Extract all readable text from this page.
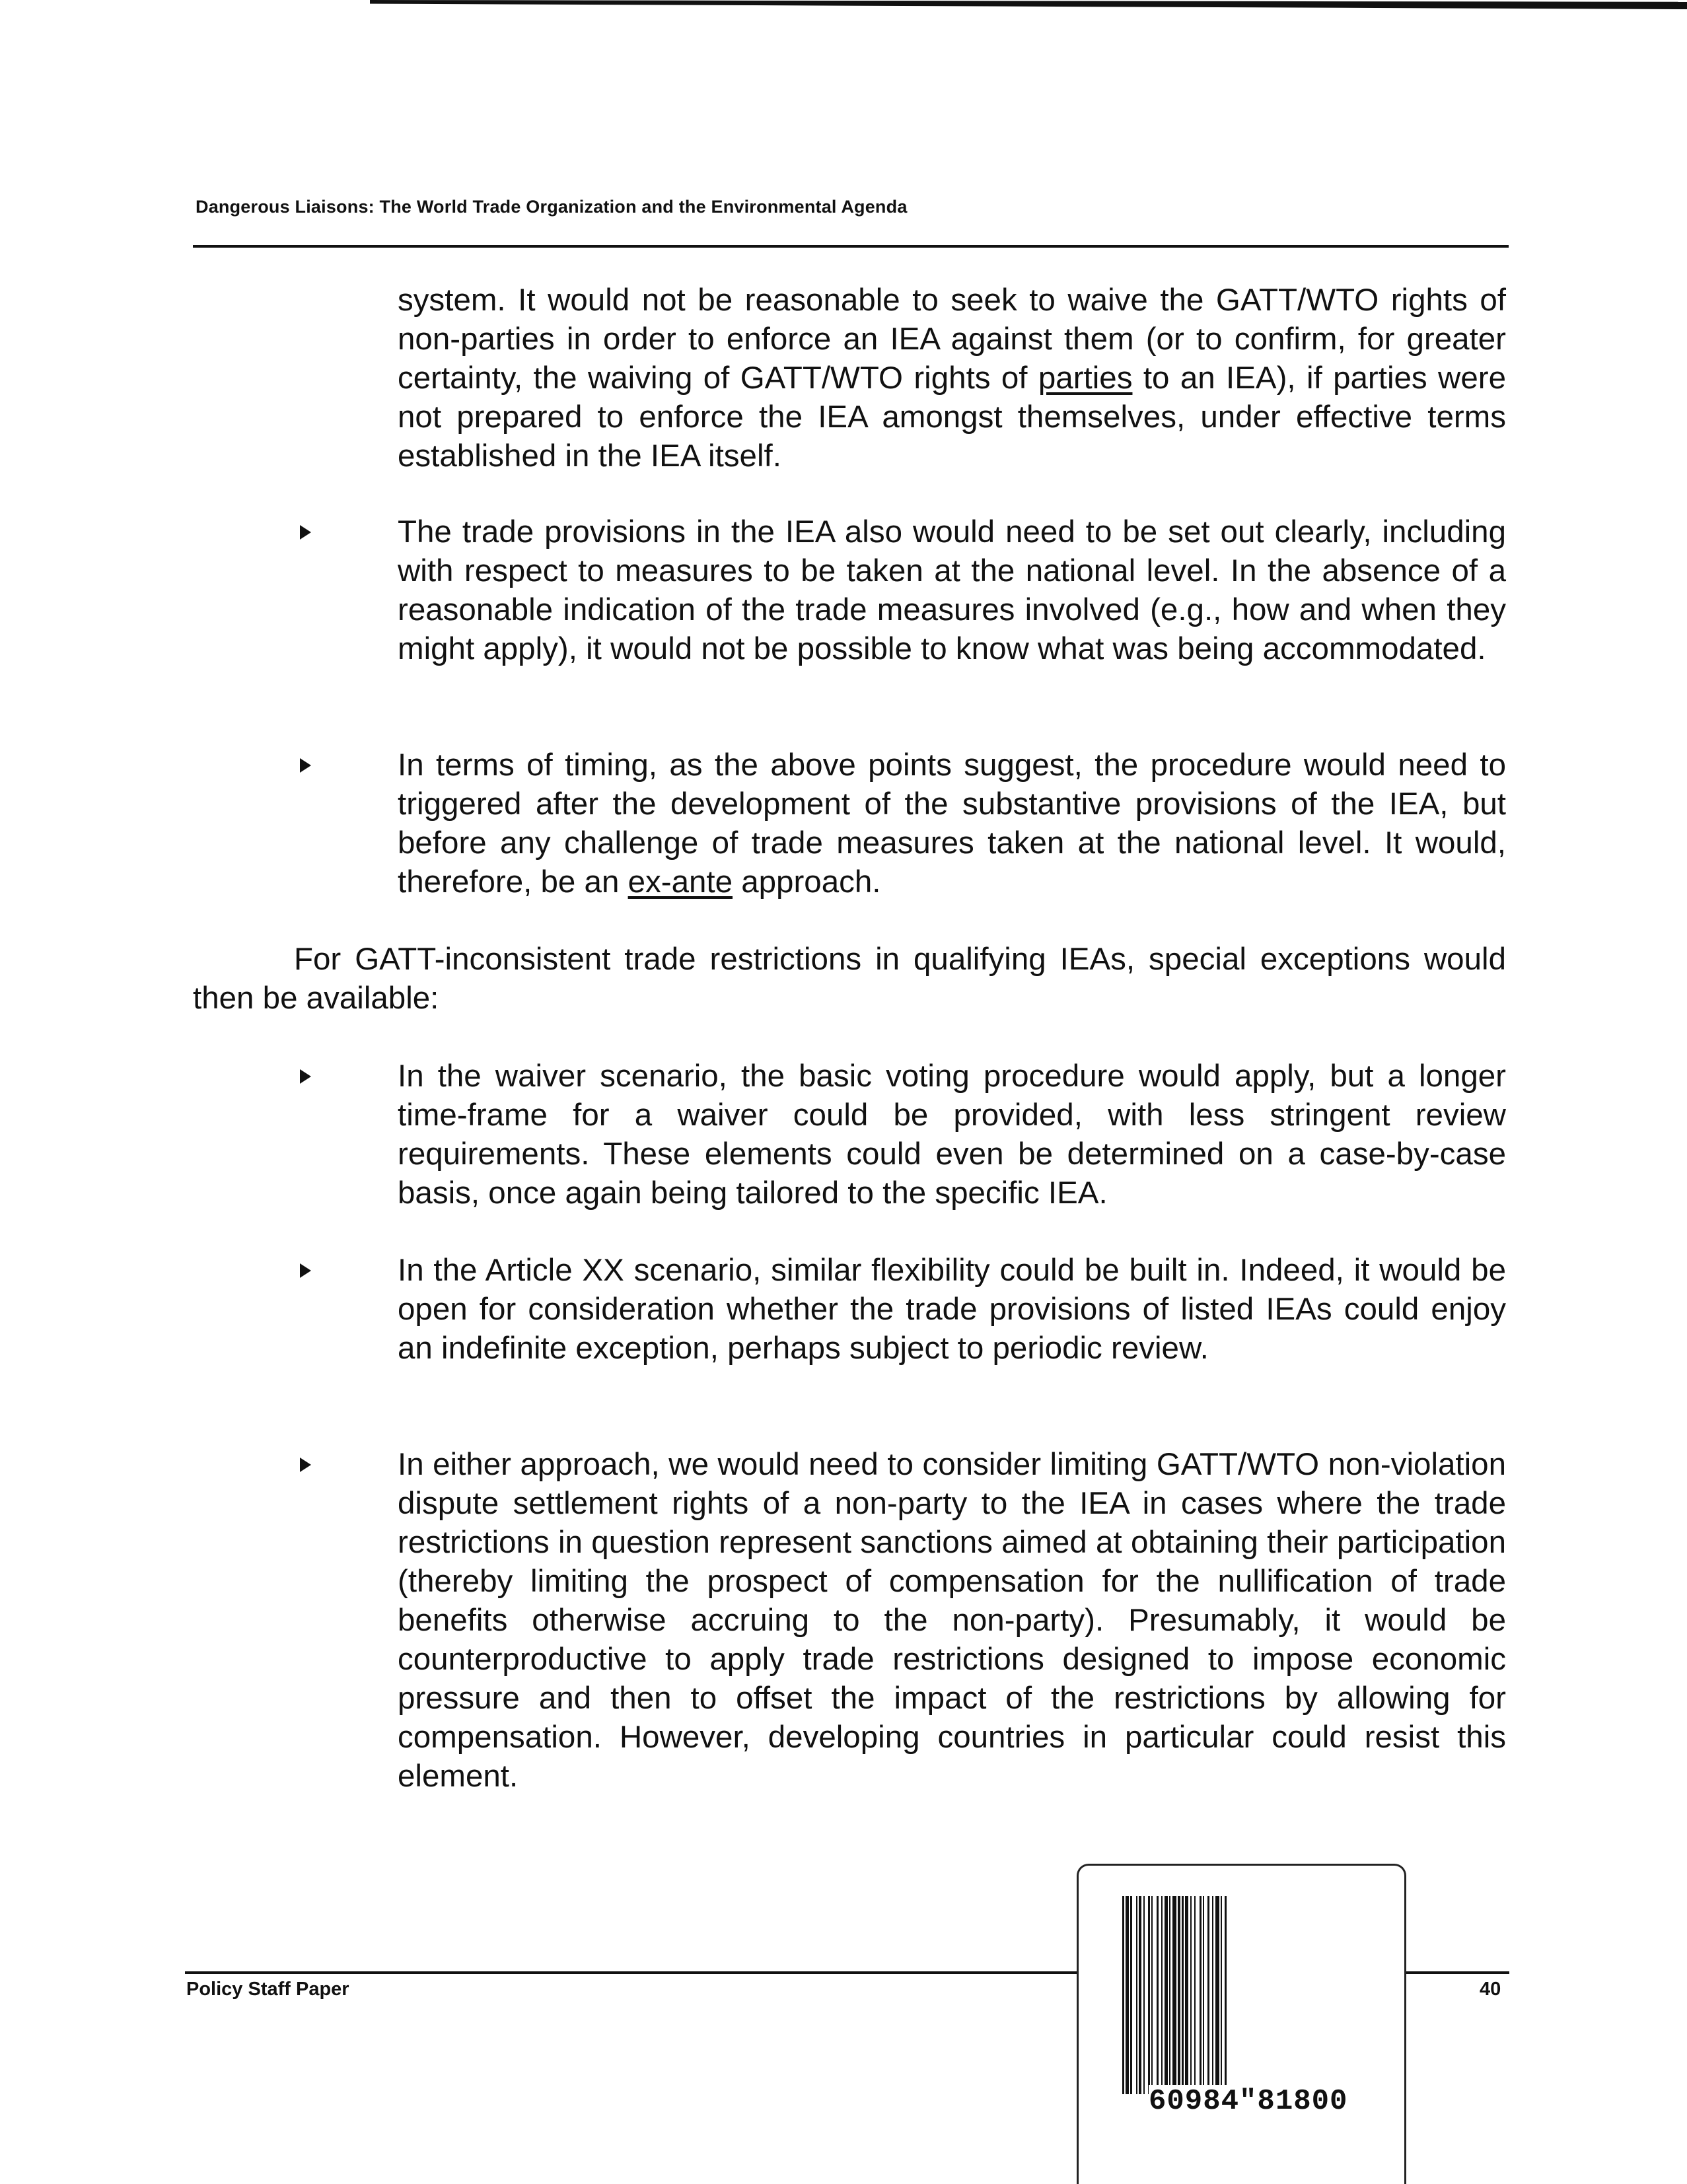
Dangerous Liaisons: The World Trade Organization and the Environmental Agenda
system. It would not be reasonable to seek to waive the GATT/WTO rights of non-parties in order to enforce an IEA against them (or to confirm, for greater certainty, the waiving of GATT/WTO rights of parties to an IEA), if parties were not prepared to enforce the IEA amongst themselves, under effective terms established in the IEA itself.
The trade provisions in the IEA also would need to be set out clearly, including with respect to measures to be taken at the national level. In the absence of a reasonable indication of the trade measures involved (e.g., how and when they might apply), it would not be possible to know what was being accommodated.
In terms of timing, as the above points suggest, the procedure would need to triggered after the development of the substantive provisions of the IEA, but before any challenge of trade measures taken at the national level. It would, therefore, be an ex-ante approach.
For GATT-inconsistent trade restrictions in qualifying IEAs, special exceptions would then be available:
In the waiver scenario, the basic voting procedure would apply, but a longer time-frame for a waiver could be provided, with less stringent review requirements. These elements could even be determined on a case-by-case basis, once again being tailored to the specific IEA.
In the Article XX scenario, similar flexibility could be built in. Indeed, it would be open for consideration whether the trade provisions of listed IEAs could enjoy an indefinite exception, perhaps subject to periodic review.
In either approach, we would need to consider limiting GATT/WTO non-violation dispute settlement rights of a non-party to the IEA in cases where the trade restrictions in question represent sanctions aimed at obtaining their participation (thereby limiting the prospect of compensation for the nullification of trade benefits otherwise accruing to the non-party). Presumably, it would be counterproductive to apply trade restrictions designed to impose economic pressure and then to offset the impact of the restrictions by allowing for compensation. However, developing countries in particular could resist this element.
Policy Staff Paper	40
60984"81800
